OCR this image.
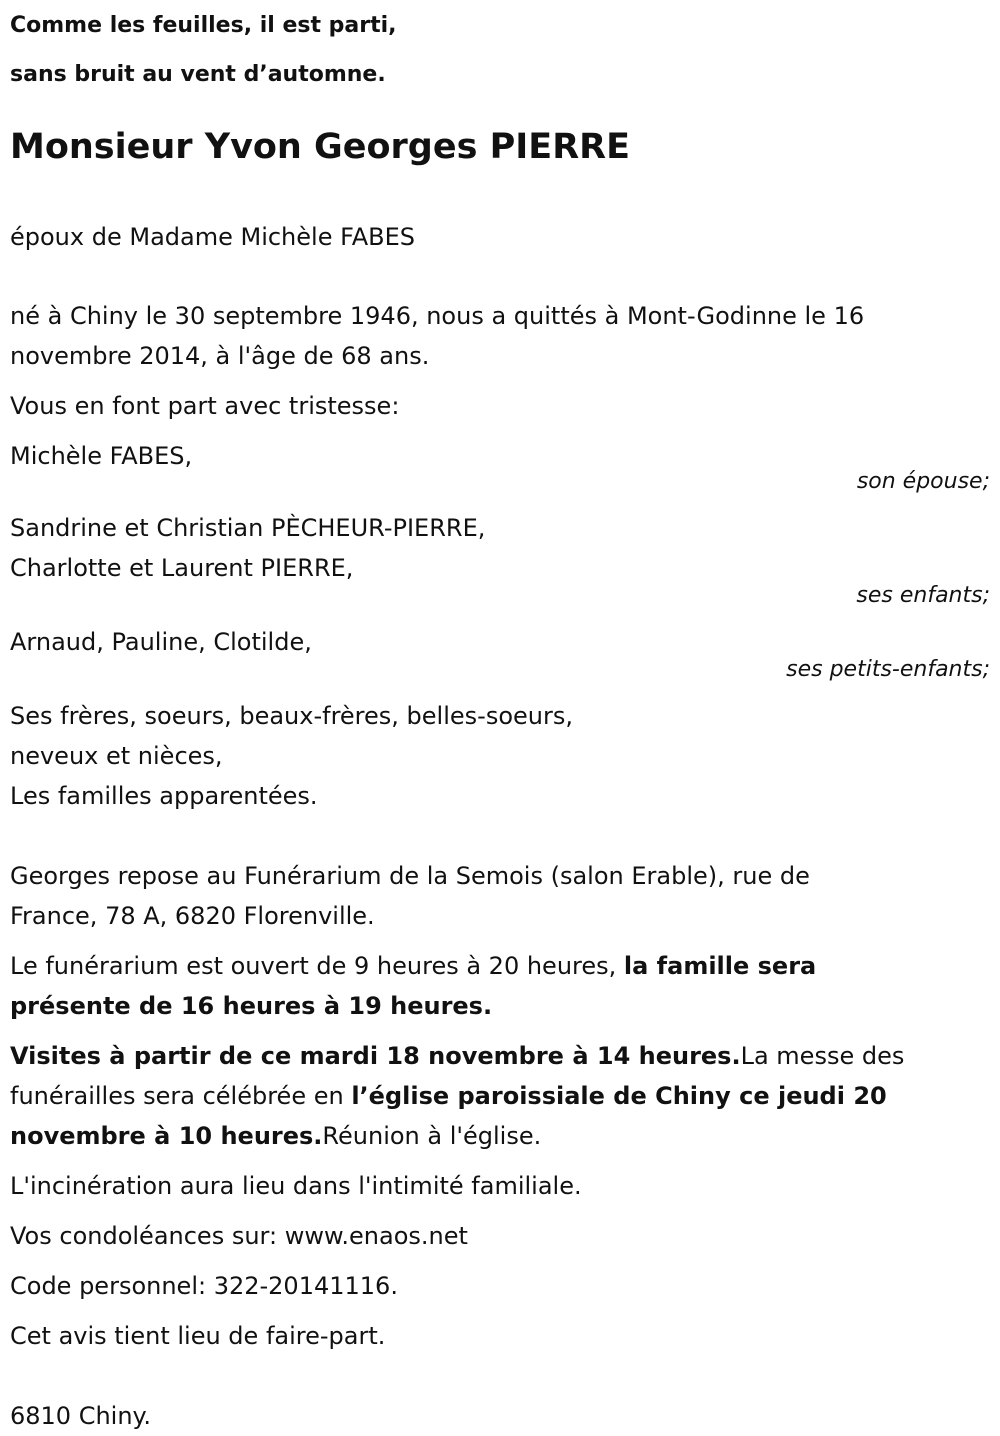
Comme les feuilles, il est parti,

sans bruit au vent d’automne.

Monsieur Yvon Georges PIERRE

époux de Madame Michèle FABES

né à Chiny le 30 septembre 1946, nous a quittés à Mont-Godinne le 16

novembre 2014, à l'âge de 68 ans.

Vous en font part avec tristesse:

Michèle FABES,

son épouse;

Sandrine et Christian PÈCHEUR-PIERRE,

Charlotte et Laurent PIERRE,

ses enfants;

Arnaud, Pauline, Clotilde,

ses petits-enfants;

Ses frères, soeurs, beaux-frères, belles-soeurs,

neveux et nièces,

Les familles apparentées.

Georges repose au Funérarium de la Semois (salon Erable), rue de

France, 78 A, 6820 Florenville.

Le funérarium est ouvert de 9 heures à 20 heures, la famille sera

présente de 16 heures à 19 heures.

Visites à partir de ce mardi 18 novembre à 14 heures.La messe des

funérailles sera célébrée en l’église paroissiale de Chiny ce jeudi 20

novembre à 10 heures.Réunion à l'église.

L'incinération aura lieu dans l'intimité familiale.

Vos condoléances sur: www.enaos.net

Code personnel: 322-20141116.

Cet avis tient lieu de faire-part.

6810 Chiny.
